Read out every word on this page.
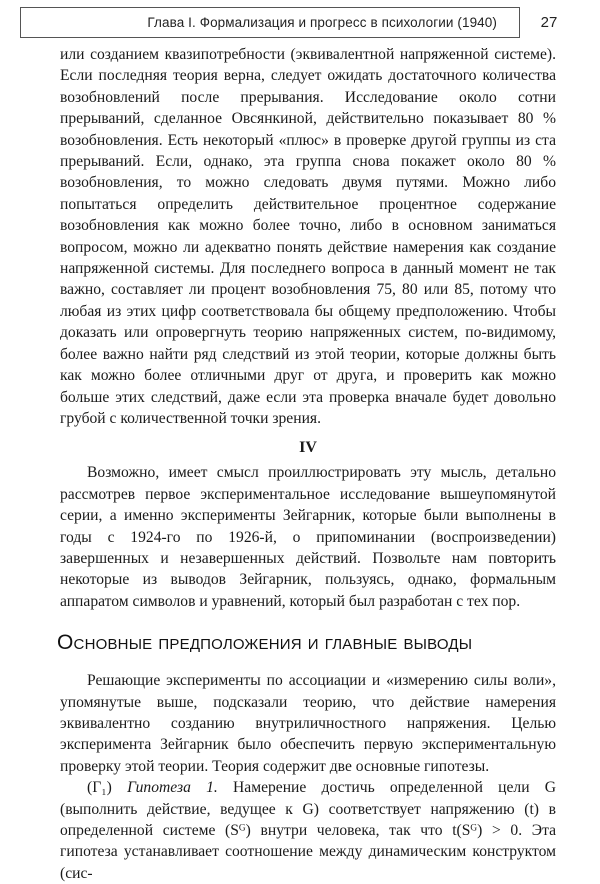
Глава I. Формализация и прогресс в психологии (1940)	27

или созданием квазипотребности (эквивалентной напряженной системе). Если последняя теория верна, следует ожидать достаточного количества возобновлений после прерывания. Исследование около сотни прерываний, сделанное Овсянкиной, действительно показывает 80 % возобновления. Есть некоторый «плюс» в проверке другой группы из ста прерываний. Если, однако, эта группа снова покажет около 80 % возобновления, то можно следовать двумя путями. Можно либо попытаться определить действительное процентное содержание возобновления как можно более точно, либо в основном заниматься вопросом, можно ли адекватно понять действие намерения как создание напряженной системы. Для последнего вопроса в данный момент не так важно, составляет ли процент возобновления 75, 80 или 85, потому что любая из этих цифр соответствовала бы общему предположению. Чтобы доказать или опровергнуть теорию напряженных систем, по-видимому, более важно найти ряд следствий из этой теории, которые должны быть как можно более отличными друг от друга, и проверить как можно больше этих следствий, даже если эта проверка вначале будет довольно грубой с количественной точки зрения.

IV

Возможно, имеет смысл проиллюстрировать эту мысль, детально рассмотрев первое экспериментальное исследование вышеупомянутой серии, а именно эксперименты Зейгарник, которые были выполнены в годы с 1924-го по 1926-й, о припоминании (воспроизведении) завершенных и незавершенных действий. Позвольте нам повторить некоторые из выводов Зейгарник, пользуясь, однако, формальным аппаратом символов и уравнений, который был разработан с тех пор.

Основные предположения и главные выводы

Решающие эксперименты по ассоциации и «измерению силы воли», упомянутые выше, подсказали теорию, что действие намерения эквивалентно созданию внутриличностного напряжения. Целью эксперимента Зейгарник было обеспечить первую экспериментальную проверку этой теории. Теория содержит две основные гипотезы.

(Г₁) Гипотеза 1. Намерение достичь определенной цели G (выполнить действие, ведущее к G) соответствует напряжению (t) в определенной системе (Sᴳ) внутри человека, так что t(Sᴳ) > 0. Эта гипотеза устанавливает соотношение между динамическим конструктом (сис-
